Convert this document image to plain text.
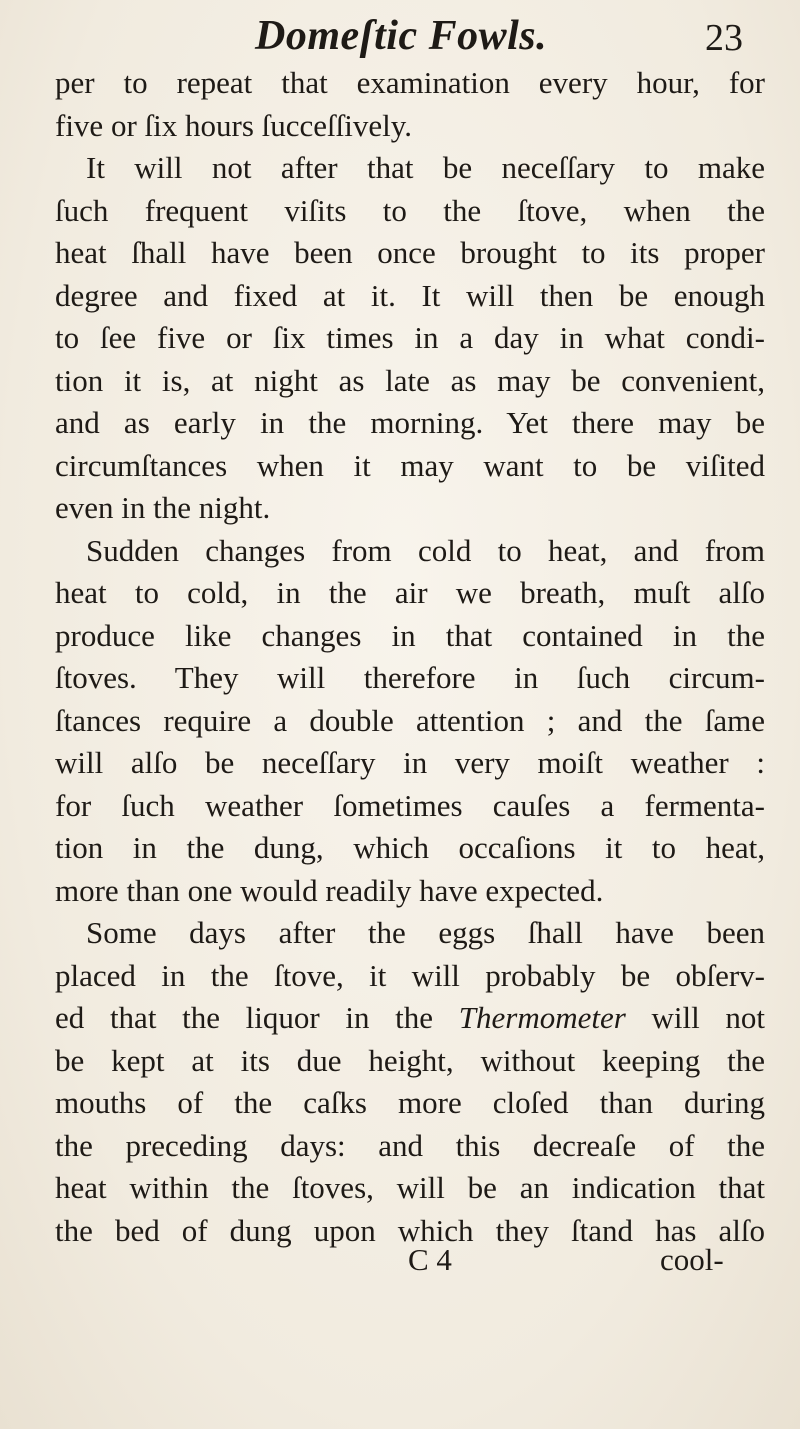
Domeſtic Fowls.	23
per to repeat that examination every hour, for
five or ſix hours ſucceſſively.
It will not after that be neceſſary to make
ſuch frequent viſits to the ſtove, when the
heat ſhall have been once brought to its proper
degree and fixed at it. It will then be enough
to ſee five or ſix times in a day in what condi-
tion it is, at night as late as may be convenient,
and as early in the morning. Yet there may be
circumſtances when it may want to be viſited
even in the night.
Sudden changes from cold to heat, and from
heat to cold, in the air we breath, muſt alſo
produce like changes in that contained in the
ſtoves. They will therefore in ſuch circum-
ſtances require a double attention ; and the ſame
will alſo be neceſſary in very moiſt weather :
for ſuch weather ſometimes cauſes a fermenta-
tion in the dung, which occaſions it to heat,
more than one would readily have expected.
Some days after the eggs ſhall have been
placed in the ſtove, it will probably be obſerv-
ed that the liquor in the Thermometer will not
be kept at its due height, without keeping the
mouths of the caſks more cloſed than during
the preceding days: and this decreaſe of the
heat within the ſtoves, will be an indication that
the bed of dung upon which they ſtand has alſo
C 4	cool-
